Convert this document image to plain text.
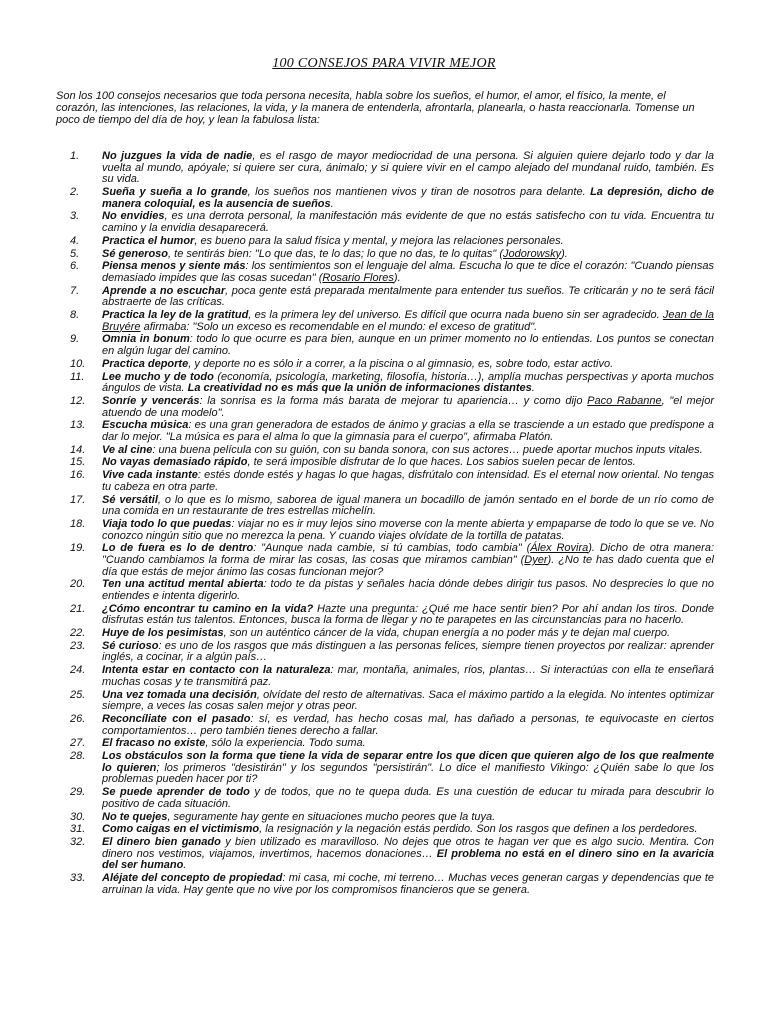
100 CONSEJOS PARA VIVIR MEJOR
Son los 100 consejos necesarios que toda persona necesita, habla sobre los sueños, el humor, el amor, el físico, la mente, el corazón, las intenciones, las relaciones, la vida, y la manera de entenderla, afrontarla, planearla, o hasta reaccionarla. Tomense un poco de tiempo del día de hoy, y lean la fabulosa lista:
1.	No juzgues la vida de nadie, es el rasgo de mayor mediocridad de una persona. Si alguien quiere dejarlo todo y dar la vuelta al mundo, apóyale; si quiere ser cura, ánimalo; y si quiere vivir en el campo alejado del mundanal ruido, también. Es su vida.
2.	Sueña y sueña a lo grande, los sueños nos mantienen vivos y tiran de nosotros para delante. La depresión, dicho de manera coloquial, es la ausencia de sueños.
3.	No envidies, es una derrota personal, la manifestación más evidente de que no estás satisfecho con tu vida. Encuentra tu camino y la envidia desaparecerá.
4.	Practica el humor, es bueno para la salud física y mental, y mejora las relaciones personales.
5.	Sé generoso, te sentirás bien: "Lo que das, te lo das; lo que no das, te lo quitas" (Jodorowsky).
6.	Piensa menos y siente más: los sentimientos son el lenguaje del alma. Escucha lo que te dice el corazón: "Cuando piensas demasiado impides que las cosas sucedan" (Rosario Flores).
7.	Aprende a no escuchar, poca gente está preparada mentalmente para entender tus sueños. Te criticarán y no te será fácil abstraerte de las críticas.
8.	Practica la ley de la gratitud, es la primera ley del universo. Es difícil que ocurra nada bueno sin ser agradecido. Jean de la Bruyére afirmaba: "Solo un exceso es recomendable en el mundo: el exceso de gratitud".
9.	Omnia in bonum: todo lo que ocurre es para bien, aunque en un primer momento no lo entiendas. Los puntos se conectan en algún lugar del camino.
10.	Practica deporte, y deporte no es sólo ir a correr, a la piscina o al gimnasio, es, sobre todo, estar activo.
11.	Lee mucho y de todo (economía, psicología, marketing, filosofía, historia…), amplía muchas perspectivas y aporta muchos ángulos de vista. La creatividad no es más que la unión de informaciones distantes.
12.	Sonríe y vencerás: la sonrisa es la forma más barata de mejorar tu apariencia… y como dijo Paco Rabanne, "el mejor atuendo de una modelo".
13.	Escucha música: es una gran generadora de estados de ánimo y gracias a ella se trasciende a un estado que predispone a dar lo mejor. "La música es para el alma lo que la gimnasia para el cuerpo", afirmaba Platón.
14.	Ve al cine: una buena película con su guión, con su banda sonora, con sus actores… puede aportar muchos inputs vitales.
15.	No vayas demasiado rápido, te será imposible disfrutar de lo que haces. Los sabios suelen pecar de lentos.
16.	Vive cada instante: estés donde estés y hagas lo que hagas, disfrútalo con intensidad. Es el eternal now oriental. No tengas tu cabeza en otra parte.
17.	Sé versátil, o lo que es lo mismo, saborea de igual manera un bocadillo de jamón sentado en el borde de un río como de una comida en un restaurante de tres estrellas michelín.
18.	Viaja todo lo que puedas: viajar no es ir muy lejos sino moverse con la mente abierta y empaparse de todo lo que se ve. No conozco ningún sitio que no merezca la pena. Y cuando viajes olvídate de la tortilla de patatas.
19.	Lo de fuera es lo de dentro: "Aunque nada cambie, si tú cambias, todo cambia" (Álex Rovira). Dicho de otra manera: "Cuando cambiamos la forma de mirar las cosas, las cosas que miramos cambian" (Dyer). ¿No te has dado cuenta que el día que estás de mejor ánimo las cosas funcionan mejor?
20.	Ten una actitud mental abierta: todo te da pistas y señales hacia dónde debes dirigir tus pasos. No desprecies lo que no entiendes e intenta digerirlo.
21.	¿Cómo encontrar tu camino en la vida? Hazte una pregunta: ¿Qué me hace sentir bien? Por ahí andan los tiros. Donde disfrutas están tus talentos. Entonces, busca la forma de llegar y no te parapetes en las circunstancias para no hacerlo.
22.	Huye de los pesimistas, son un auténtico cáncer de la vida, chupan energía a no poder más y te dejan mal cuerpo.
23.	Sé curioso: es uno de los rasgos que más distinguen a las personas felices, siempre tienen proyectos por realizar: aprender inglés, a cocinar, ir a algún país…
24.	Intenta estar en contacto con la naturaleza: mar, montaña, animales, ríos, plantas… Si interactúas con ella te enseñará muchas cosas y te transmitirá paz.
25.	Una vez tomada una decisión, olvídate del resto de alternativas. Saca el máximo partido a la elegida. No intentes optimizar siempre, a veces las cosas salen mejor y otras peor.
26.	Reconcíliate con el pasado: sí, es verdad, has hecho cosas mal, has dañado a personas, te equivocaste en ciertos comportamientos… pero también tienes derecho a fallar.
27.	El fracaso no existe, sólo la experiencia. Todo suma.
28.	Los obstáculos son la forma que tiene la vida de separar entre los que dicen que quieren algo de los que realmente lo quieren; los primeros "desistirán" y los segundos "persistirán". Lo dice el manifiesto Vikingo: ¿Quién sabe lo que los problemas pueden hacer por ti?
29.	Se puede aprender de todo y de todos, que no te quepa duda. Es una cuestión de educar tu mirada para descubrir lo positivo de cada situación.
30.	No te quejes, seguramente hay gente en situaciones mucho peores que la tuya.
31.	Como caigas en el victimismo, la resignación y la negación estás perdido. Son los rasgos que definen a los perdedores.
32.	El dinero bien ganado y bien utilizado es maravilloso. No dejes que otros te hagan ver que es algo sucio. Mentira. Con dinero nos vestimos, viajamos, invertimos, hacemos donaciones… El problema no está en el dinero sino en la avaricia del ser humano.
33.	Aléjate del concepto de propiedad: mi casa, mi coche, mi terreno… Muchas veces generan cargas y dependencias que te arruinan la vida. Hay gente que no vive por los compromisos financieros que se genera.
